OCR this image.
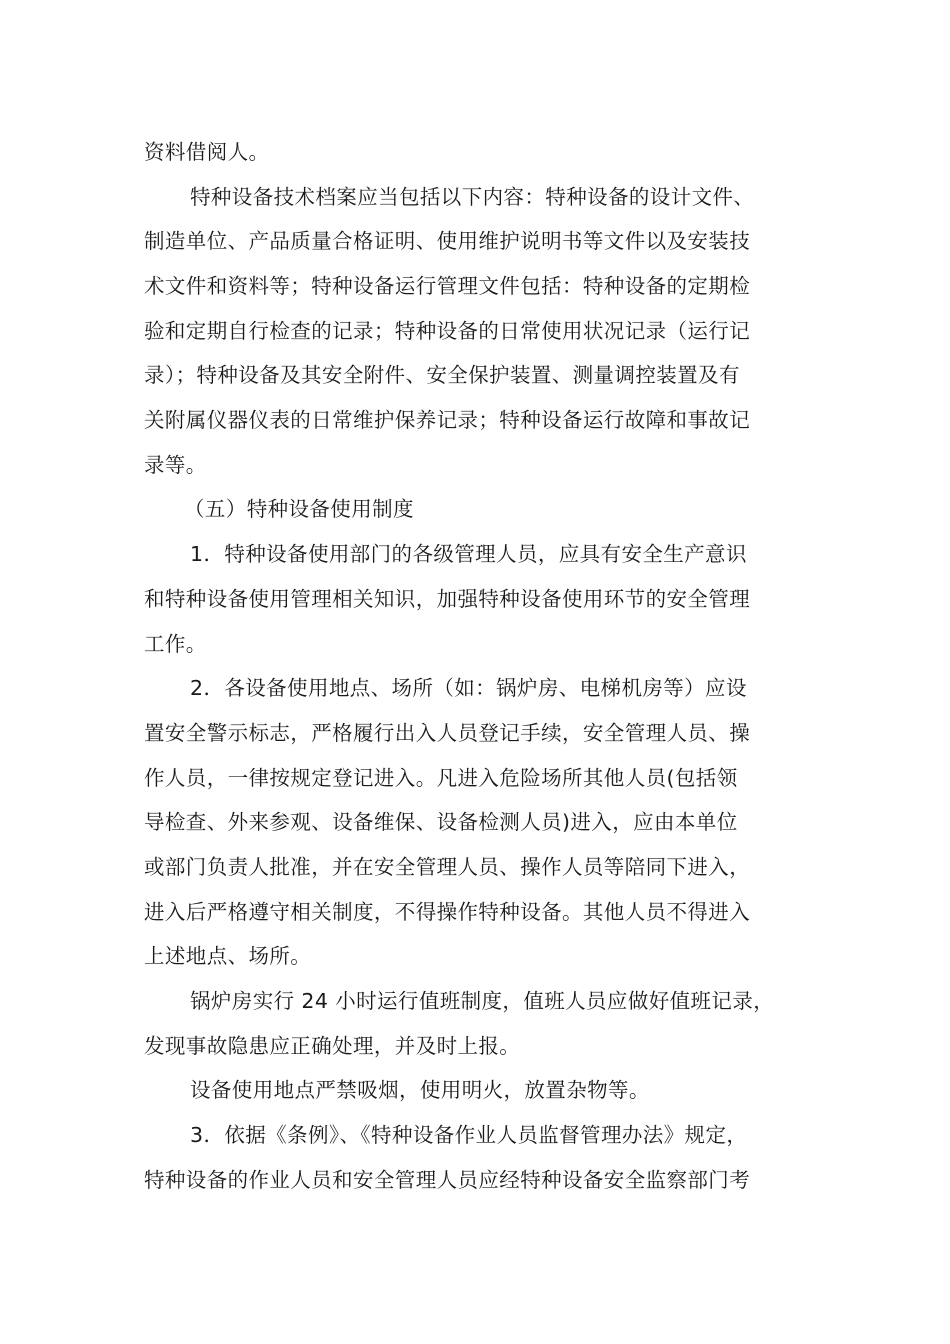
资料借阅人。
特种设备技术档案应当包括以下内容：特种设备的设计文件、
制造单位、产品质量合格证明、使用维护说明书等文件以及安装技
术文件和资料等；特种设备运行管理文件包括：特种设备的定期检
验和定期自行检查的记录；特种设备的日常使用状况记录（运行记
录）；特种设备及其安全附件、安全保护装置、测量调控装置及有
关附属仪器仪表的日常维护保养记录；特种设备运行故障和事故记
录等。
（五）特种设备使用制度
1．特种设备使用部门的各级管理人员，应具有安全生产意识
和特种设备使用管理相关知识，加强特种设备使用环节的安全管理
工作。
2．各设备使用地点、场所（如：锅炉房、电梯机房等）应设
置安全警示标志，严格履行出入人员登记手续，安全管理人员、操
作人员，一律按规定登记进入。凡进入危险场所其他人员(包括领
导检查、外来参观、设备维保、设备检测人员)进入，应由本单位
或部门负责人批准，并在安全管理人员、操作人员等陪同下进入，
进入后严格遵守相关制度，不得操作特种设备。其他人员不得进入
上述地点、场所。
锅炉房实行 24 小时运行值班制度，值班人员应做好值班记录，
发现事故隐患应正确处理，并及时上报。
设备使用地点严禁吸烟，使用明火，放置杂物等。
3．依据《条例》、《特种设备作业人员监督管理办法》规定，
特种设备的作业人员和安全管理人员应经特种设备安全监察部门考
